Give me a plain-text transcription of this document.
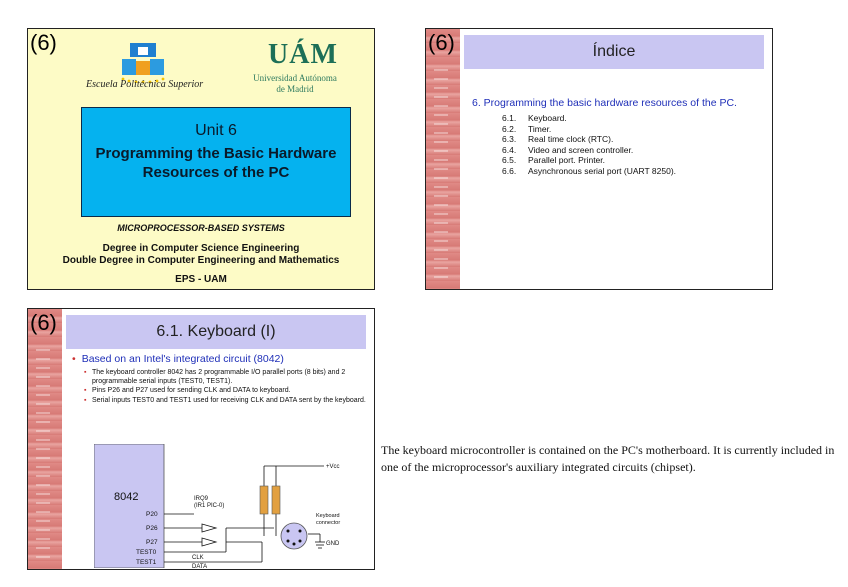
(6)
Escuela Politécnica Superior
UÁM
Universidad Autónoma
de Madrid
Unit 6
Programming the Basic Hardware
Resources of the PC
MICROPROCESSOR-BASED SYSTEMS
Degree in Computer Science Engineering
Double Degree in Computer Engineering and Mathematics
EPS - UAM
(6)	Índice
6. Programming the basic hardware resources of the PC.
6.1. Keyboard.
6.2. Timer.
6.3. Real time clock (RTC).
6.4. Video and screen controller.
6.5. Parallel port. Printer.
6.6. Asynchronous serial port (UART 8250).
(6)	6.1. Keyboard (I)
• Based on an Intel's integrated circuit (8042)
▪ The keyboard controller 8042 has 2 programmable I/O parallel ports (8 bits) and 2 programmable serial inputs (TEST0, TEST1).
▪ Pins P26 and P27 used for sending CLK and DATA to keyboard.
▪ Serial inputs TEST0 and TEST1 used for receiving CLK and DATA sent by the keyboard.
8042
P20
P26
P27
TEST0
TEST1
IRQ9
(IR1 PIC-0)
+Vcc
GND
Keyboard
connector
CLK
DATA
The keyboard microcontroller is contained on the PC's motherboard. It is currently included in one of the microprocessor's auxiliary integrated circuits (chipset).
